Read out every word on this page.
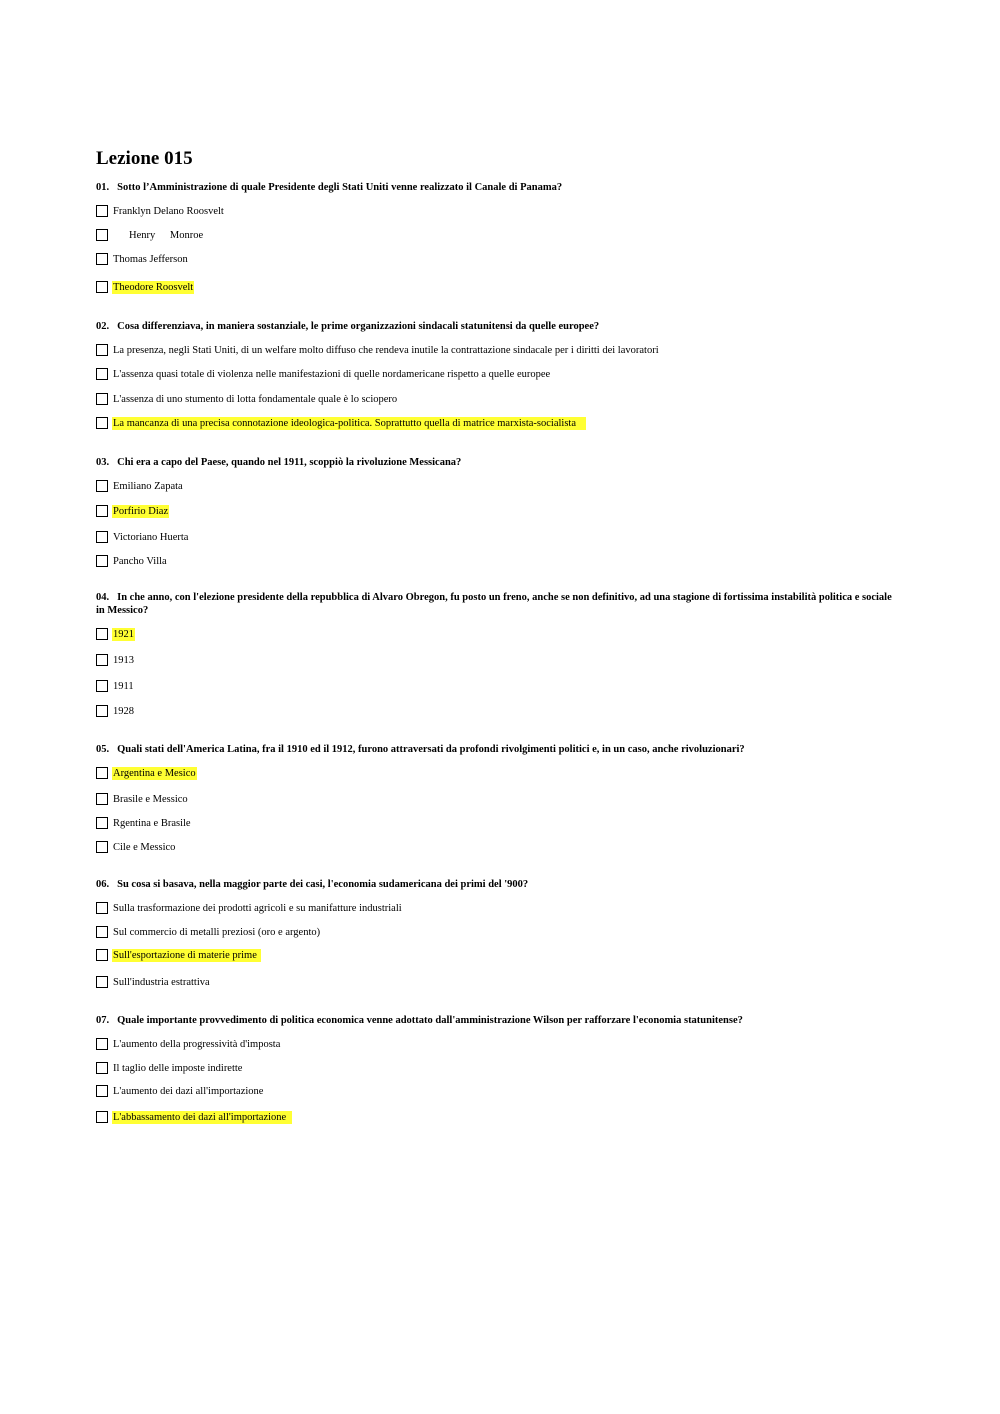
Lezione 015
01. Sotto l’Amministrazione di quale Presidente degli Stati Uniti venne realizzato il Canale di Panama?
Franklyn Delano Roosvelt
Henry Monroe
Thomas Jefferson
Theodore Roosvelt
02. Cosa differenziava, in maniera sostanziale, le prime organizzazioni sindacali statunitensi da quelle europee?
La presenza, negli Stati Uniti, di un welfare molto diffuso che rendeva inutile la contrattazione sindacale per i diritti dei lavoratori
L'assenza quasi totale di violenza nelle manifestazioni di quelle nordamericane rispetto a quelle europee
L'assenza di uno stumento di lotta fondamentale quale è lo sciopero
La mancanza di una precisa connotazione ideologica-politica. Soprattutto quella di matrice marxista-socialista
03. Chi era a capo del Paese, quando nel 1911, scoppiò la rivoluzione Messicana?
Emiliano Zapata
Porfirio Diaz
Victoriano Huerta
Pancho Villa
04. In che anno, con l'elezione presidente della repubblica di Alvaro Obregon, fu posto un freno, anche se non definitivo, ad una stagione di fortissima instabilità politica e sociale in Messico?
1921
1913
1911
1928
05. Quali stati dell'America Latina, fra il 1910 ed il 1912, furono attraversati da profondi rivolgimenti politici e, in un caso, anche rivoluzionari?
Argentina e Mesico
Brasile e Messico
Rgentina e Brasile
Cile e Messico
06. Su cosa si basava, nella maggior parte dei casi, l'economia sudamericana dei primi del '900?
Sulla trasformazione dei prodotti agricoli e su manifatture industriali
Sul commercio di metalli preziosi (oro e argento)
Sull'esportazione di materie prime
Sull'industria estrattiva
07. Quale importante provvedimento di politica economica venne adottato dall'amministrazione Wilson per rafforzare l'economia statunitense?
L'aumento della progressività d'imposta
Il taglio delle imposte indirette
L'aumento dei dazi all'importazione
L'abbassamento dei dazi all'importazione
